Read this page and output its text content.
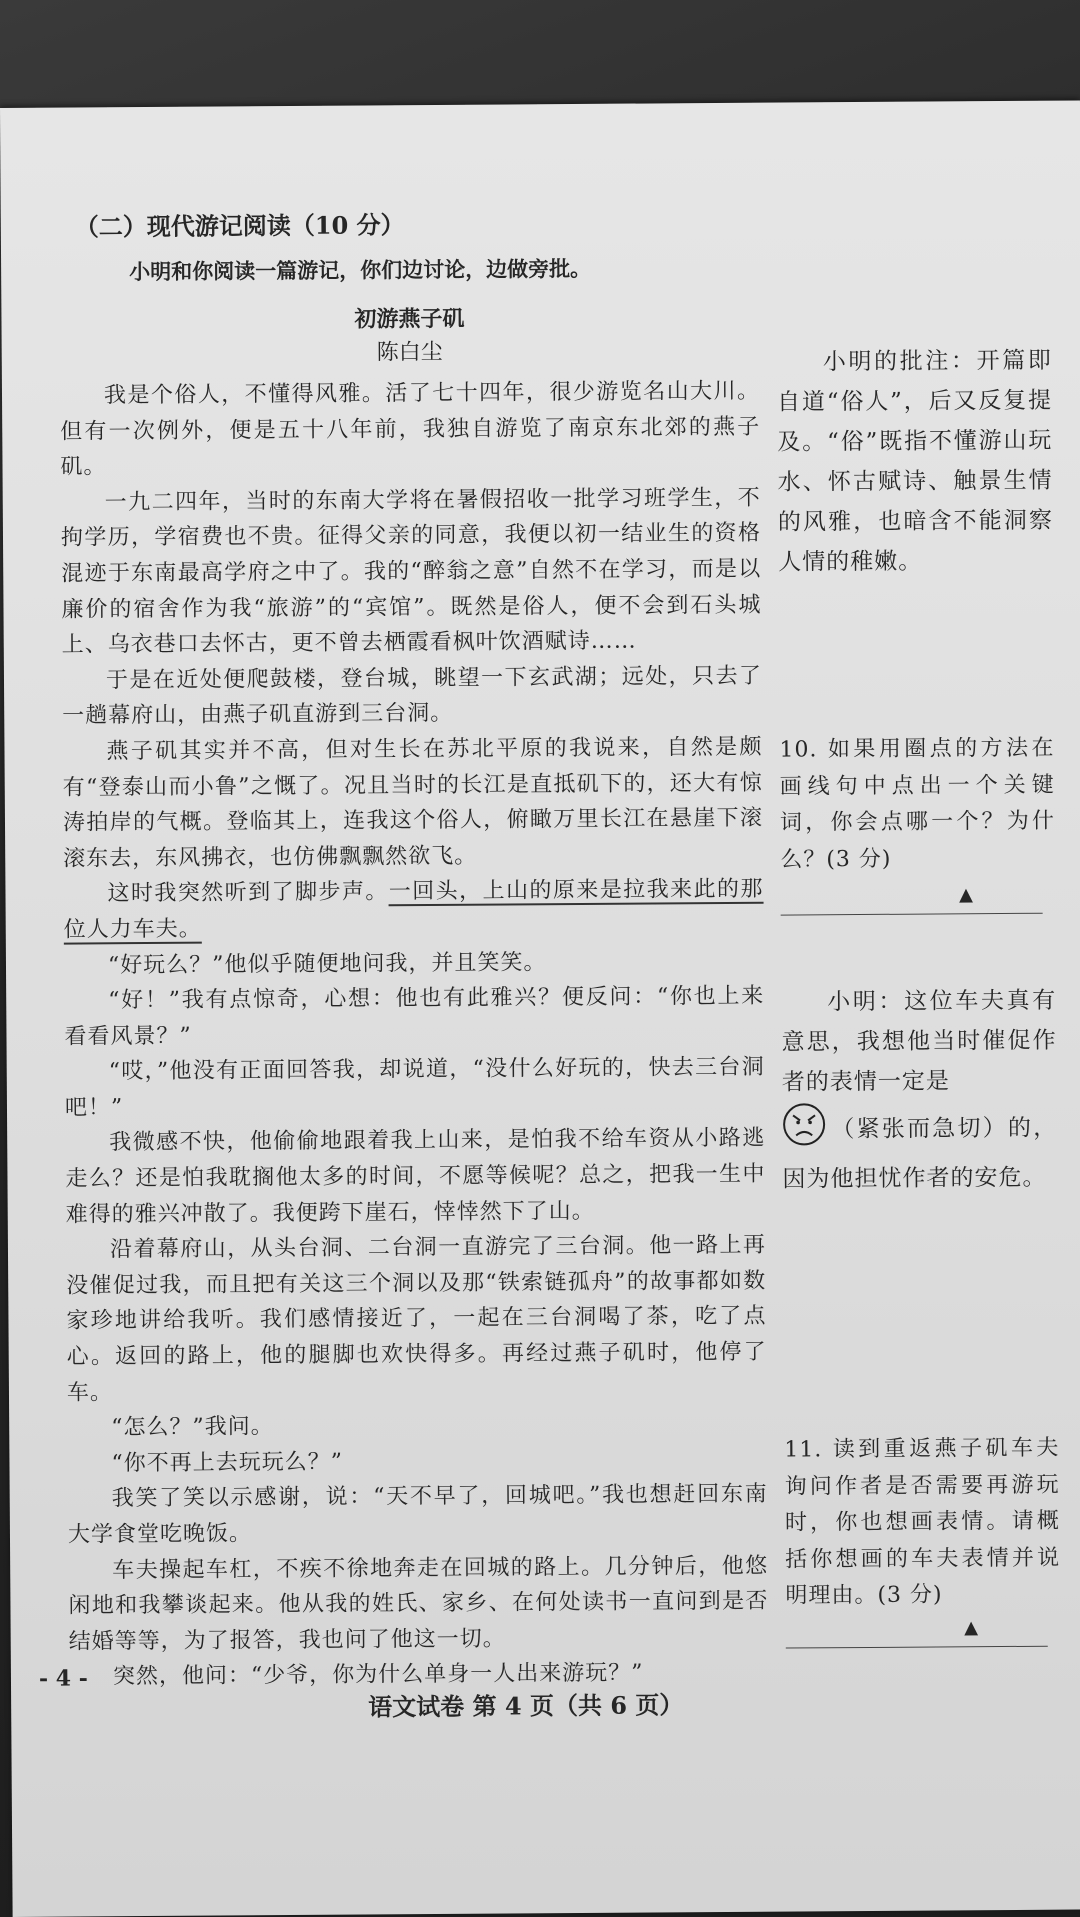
（二）现代游记阅读（10 分）
小明和你阅读一篇游记，你们边讨论，边做旁批。
初游燕子矶
陈白尘

我是个俗人，不懂得风雅。活了七十四年，很少游览名山大川。但有一次例外，便是五十八年前，我独自游览了南京东北郊的燕子矶。

一九二四年，当时的东南大学将在暑假招收一批学习班学生，不拘学历，学宿费也不贵。征得父亲的同意，我便以初一结业生的资格混迹于东南最高学府之中了。我的“醉翁之意”自然不在学习，而是以廉价的宿舍作为我“旅游”的“宾馆”。既然是俗人，便不会到石头城上、乌衣巷口去怀古，更不曾去栖霞看枫叶饮酒赋诗……

于是在近处便爬鼓楼，登台城，眺望一下玄武湖；远处，只去了一趟幕府山，由燕子矶直游到三台洞。

燕子矶其实并不高，但对生长在苏北平原的我说来，自然是颇有“登泰山而小鲁”之慨了。况且当时的长江是直抵矶下的，还大有惊涛拍岸的气概。登临其上，连我这个俗人，俯瞰万里长江在悬崖下滚滚东去，东风拂衣，也仿佛飘飘然欲飞。

这时我突然听到了脚步声。一回头，上山的原来是拉我来此的那位人力车夫。

“好玩么？”他似乎随便地问我，并且笑笑。

“好！”我有点惊奇，心想：他也有此雅兴？便反问：“你也上来看看风景？”

“哎，”他没有正面回答我，却说道，“没什么好玩的，快去三台洞吧！”

我微感不快，他偷偷地跟着我上山来，是怕我不给车资从小路逃走么？还是怕我耽搁他太多的时间，不愿等候呢？总之，把我一生中难得的雅兴冲散了。我便跨下崖石，悻悻然下了山。

沿着幕府山，从头台洞、二台洞一直游完了三台洞。他一路上再没催促过我，而且把有关这三个洞以及那“铁索链孤舟”的故事都如数家珍地讲给我听。我们感情接近了，一起在三台洞喝了茶，吃了点心。返回的路上，他的腿脚也欢快得多。再经过燕子矶时，他停了车。

“怎么？”我问。

“你不再上去玩玩么？”

我笑了笑以示感谢，说：“天不早了，回城吧。”我也想赶回东南大学食堂吃晚饭。

车夫操起车杠，不疾不徐地奔走在回城的路上。几分钟后，他悠闲地和我攀谈起来。他从我的姓氏、家乡、在何处读书一直问到是否结婚等等，为了报答，我也问了他这一切。

突然，他问：“少爷，你为什么单身一人出来游玩？”

小明的批注：开篇即自道“俗人”，后又反复提及。“俗”既指不懂游山玩水、怀古赋诗、触景生情的风雅，也暗含不能洞察人情的稚嫩。

10. 如果用圈点的方法在画线句中点出一个关键词，你会点哪一个？为什么？(3 分)

▲

小明：这位车夫真有意思，我想他当时催促作者的表情一定是

（紧张而急切）的，因为他担忧作者的安危。

11. 读到重返燕子矶车夫询问作者是否需要再游玩时，你也想画表情。请概括你想画的车夫表情并说明理由。(3 分)

▲
- 4 -
语文试卷 第 4 页（共 6 页）
